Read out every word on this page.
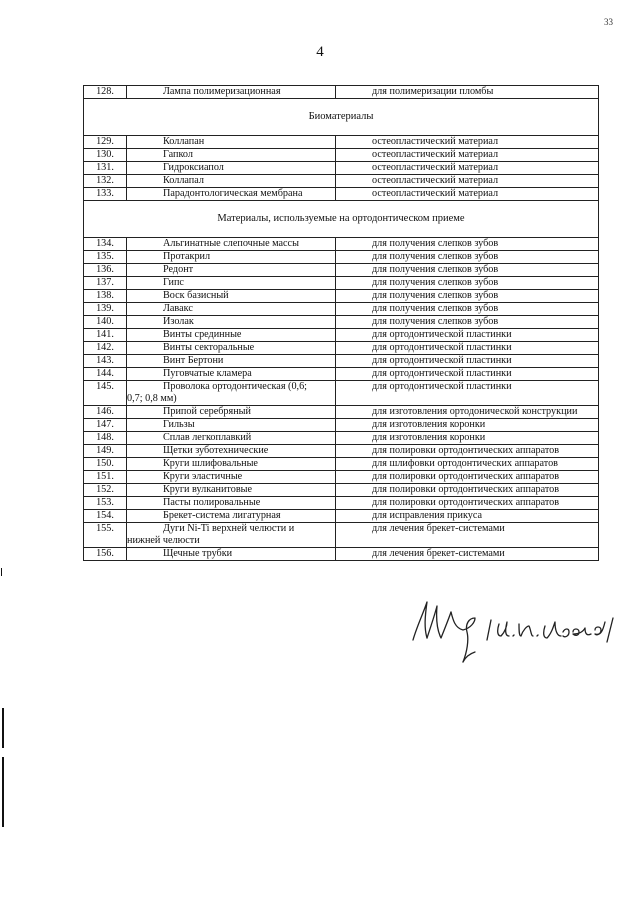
33
4
128.	Лампа полимеризационная	для полимеризации пломбы
Биоматериалы		
129.	Коллапан	остеопластический материал
130.	Гапкол	остеопластический материал
131.	Гидроксиапол	остеопластический материал
132.	Коллапал	остеопластический материал
133.	Парадонтологическая мембрана	остеопластический материал
Материалы, используемые на ортодонтическом приеме		
134.	Альгинатные слепочные массы	для получения слепков зубов
135.	Протакрил	для получения слепков зубов
136.	Редонт	для получения слепков зубов
137.	Гипс	для получения слепков зубов
138.	Воск базисный	для получения слепков зубов
139.	Лавакс	для получения слепков зубов
140.	Изолак	для получения слепков зубов
141.	Винты срединные	для ортодонтической пластинки
142.	Винты секторальные	для ортодонтической пластинки
143.	Винт Бертони	для ортодонтической пластинки
144.	Пуговчатые кламера	для ортодонтической пластинки
145.	Проволока ортодонтическая (0,6;
0,7; 0,8 мм)	для ортодонтической пластинки
146.	Припой серебряный	для изготовления ортодонической конструкции
147.	Гильзы	для изготовления коронки
148.	Сплав легкоплавкий	для изготовления коронки
149.	Щетки зуботехнические	для полировки ортодонтических аппаратов
150.	Круги шлифовальные	для шлифовки ортодонтических аппаратов
151.	Круги эластичные	для полировки ортодонтических аппаратов
152.	Круги вулканитовые	для полировки ортодонтических аппаратов
153.	Пасты полировальные	для полировки ортодонтических аппаратов
154.	Брекет-система лигатурная	для исправления прикуса
155.	Дуги Ni-Ti верхней челюсти и
нижней челюсти	для лечения брекет-системами
156.	Щечные трубки	для лечения брекет-системами
